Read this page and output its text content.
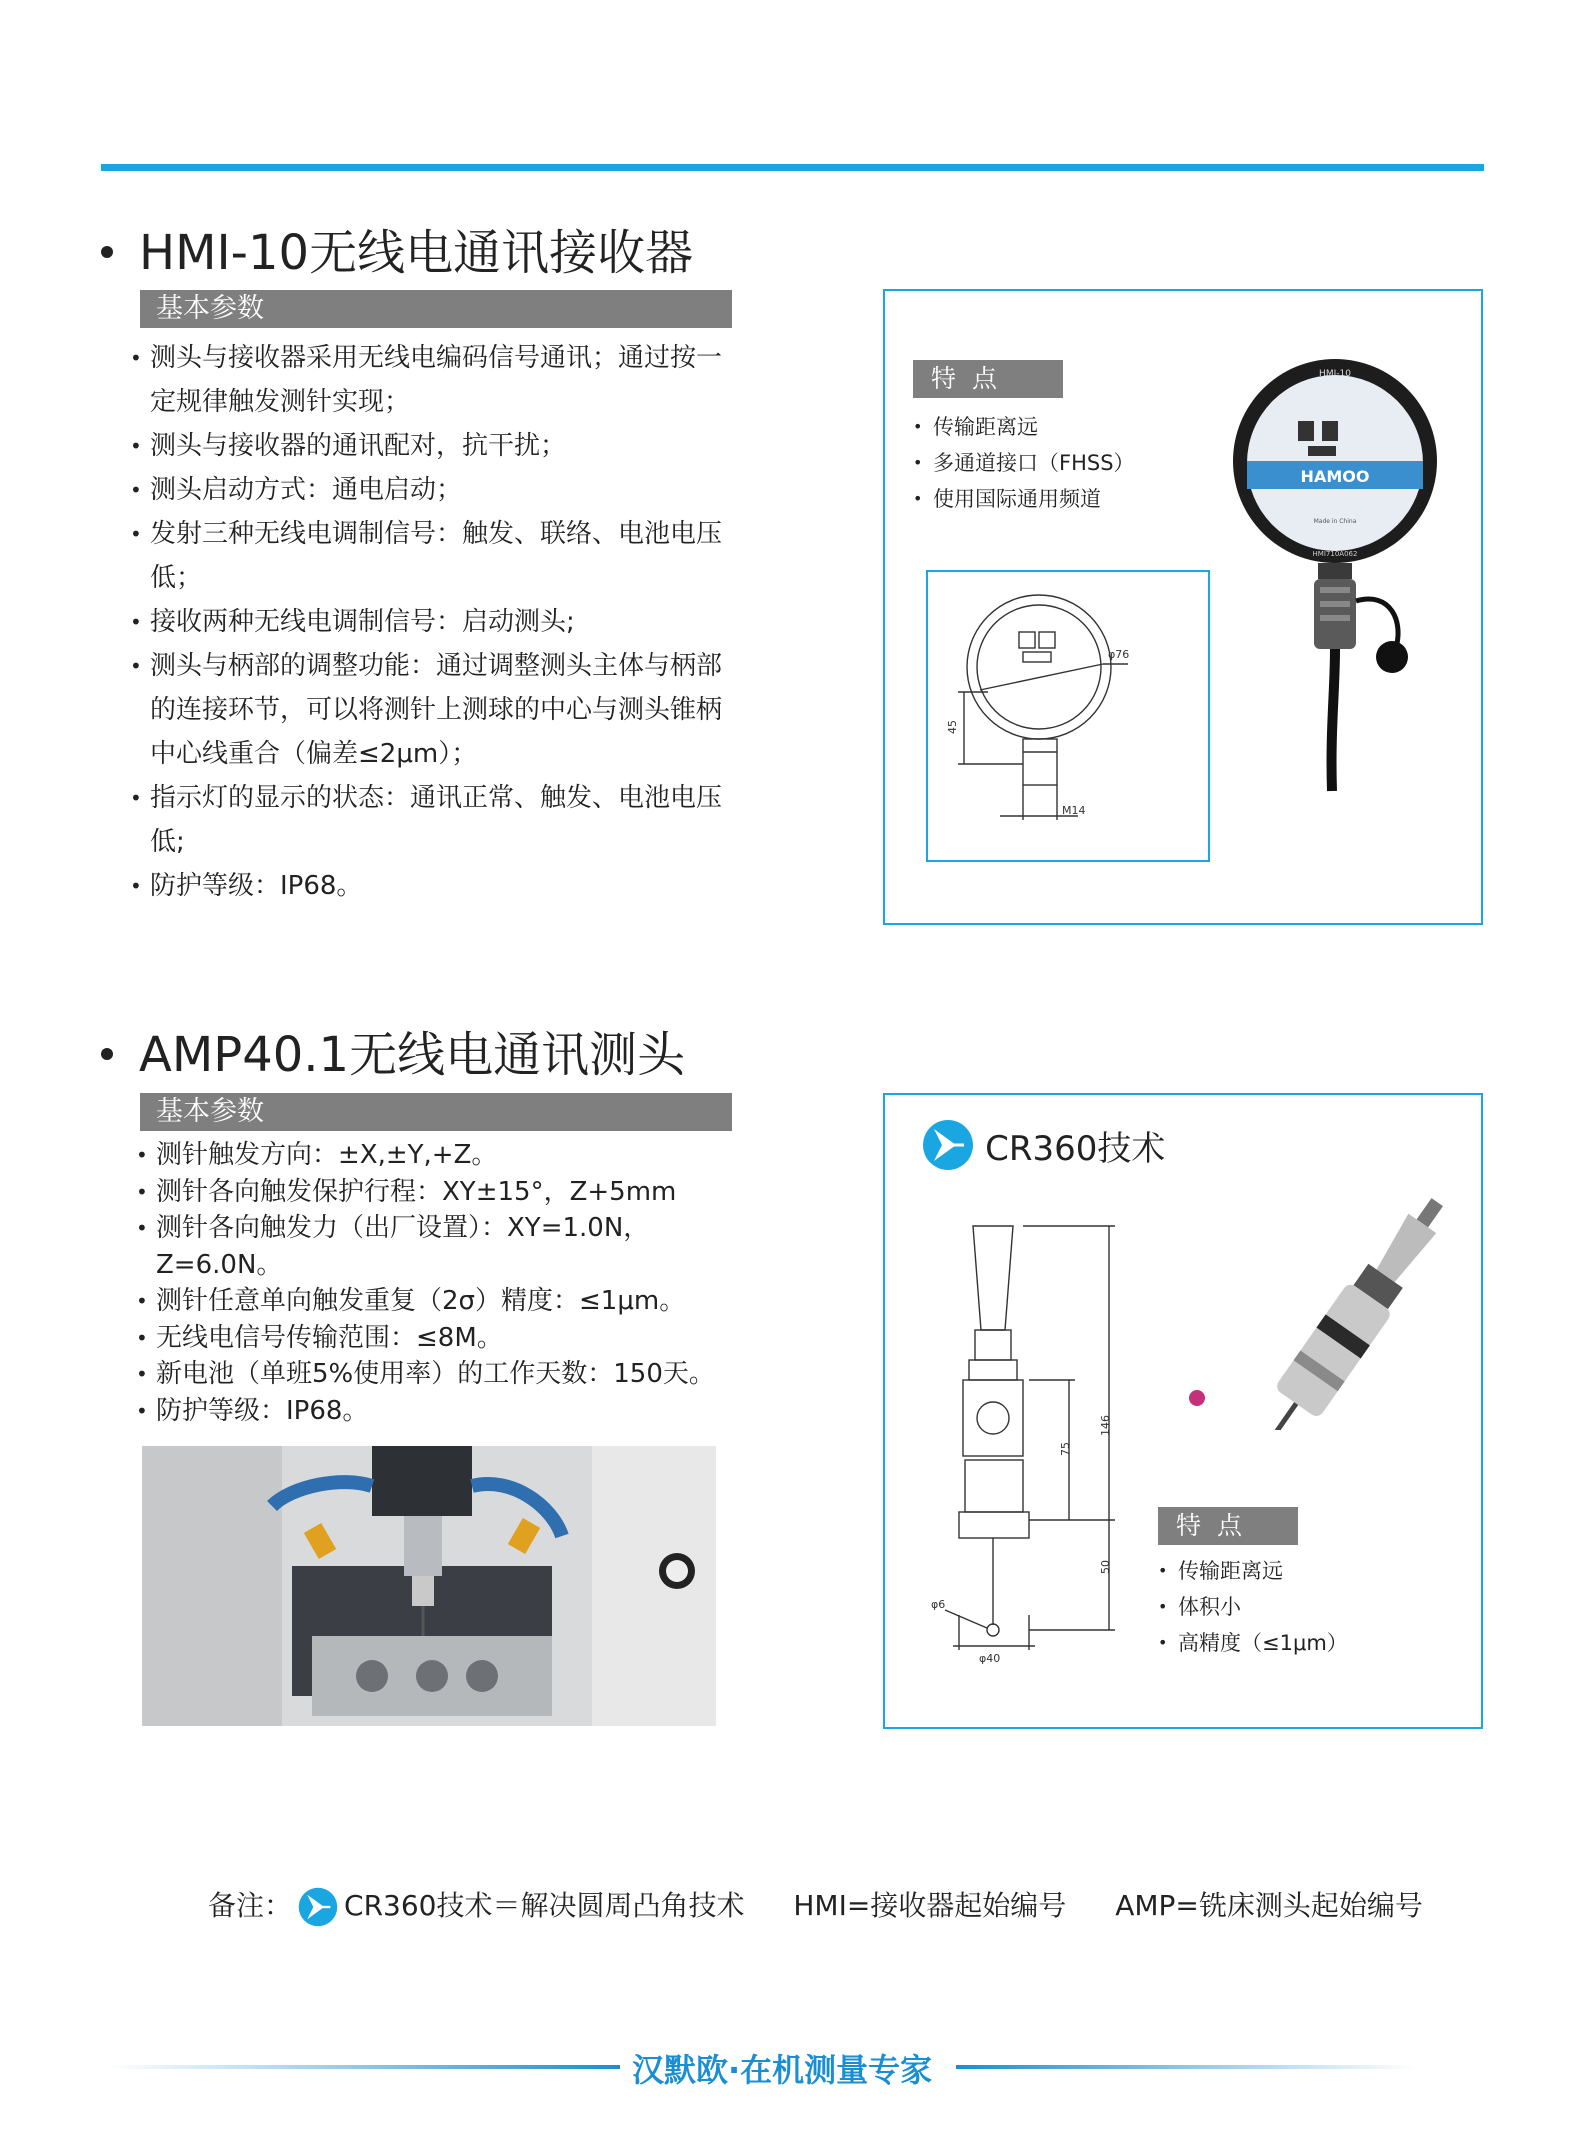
HMI-10无线电通讯接收器
基本参数
• 测头与接收器采用无线电编码信号通讯；通过按一定规律触发测针实现；
• 测头与接收器的通讯配对，抗干扰；
• 测头启动方式：通电启动；
• 发射三种无线电调制信号：触发、联络、电池电压低；
• 接收两种无线电调制信号：启动测头;
• 测头与柄部的调整功能：通过调整测头主体与柄部的连接环节，可以将测针上测球的中心与测头锥柄中心线重合（偏差≤2μm）；
• 指示灯的显示的状态：通讯正常、触发、电池电压低;
• 防护等级：IP68。
特 点
• 传输距离远
• 多通道接口（FHSS）
• 使用国际通用频道
φ76
45
M14
HAMOO
HMI-10
Made in China
HMI710A062
AMP40.1无线电通讯测头
基本参数
• 测针触发方向：±X,±Y,+Z。
• 测针各向触发保护行程：XY±15°，Z+5mm
• 测针各向触发力（出厂设置）：XY=1.0N，Z=6.0N。
• 测针任意单向触发重复（2σ）精度：≤1μm。
• 无线电信号传输范围：≤8M。
• 新电池（单班5%使用率）的工作天数：150天。
• 防护等级：IP68。
CR360技术
146
75
50
φ6
φ40
特 点
• 传输距离远
• 体积小
• 高精度（≤1μm）
备注： CR360技术＝解决圆周凸角技术 HMI=接收器起始编号 AMP=铣床测头起始编号
汉默欧·在机测量专家
